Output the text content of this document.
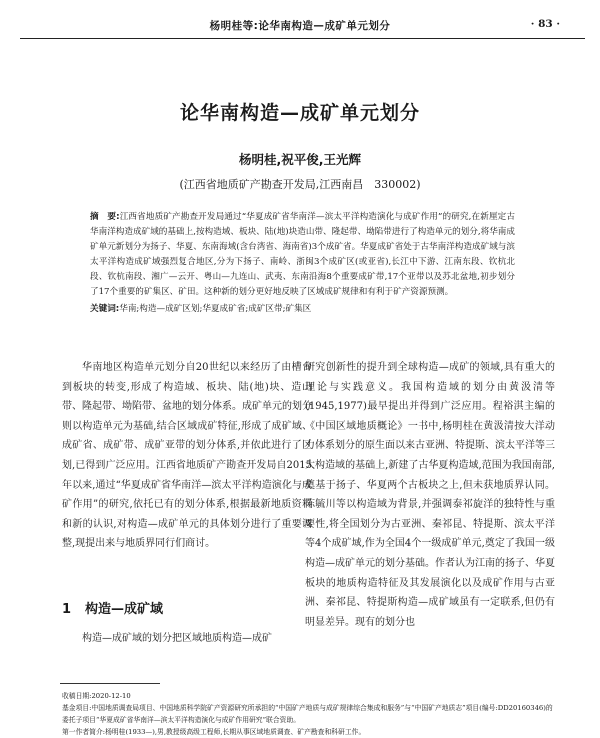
杨明桂等:论华南构造—成矿单元划分	· 83 ·
论华南构造—成矿单元划分
杨明桂,祝平俊,王光辉
(江西省地质矿产勘查开发局,江西南昌　330002)
摘　要:江西省地质矿产勘查开发局通过“华夏成矿省华南洋—滨太平洋构造演化与成矿作用”的研究,在新厘定古华南洋构造成矿域的基础上,按构造域、板块、陆(地)块造山带、隆起带、坳陷带进行了构造单元的划分,将华南成矿单元新划分为扬子、华夏、东南海域(含台湾省、海南省)3个成矿省。华夏成矿省处于古华南洋构造成矿域与滨太平洋构造成矿域强烈复合地区,分为下扬子、南岭、浙闽3个成矿区(或亚省),长江中下游、江南东段、钦杭北段、钦杭南段、湘广—云开、粤山—九连山、武夷、东南沿海8个重要成矿带,17个亚带以及苏北盆地,初步划分了17个重要的矿集区、矿田。这种新的划分更好地反映了区域成矿规律和有利于矿产资源预测。
关键词:华南;构造—成矿区划;华夏成矿省;成矿区带;矿集区
华南地区构造单元划分自20世纪以来经历了由槽台到板块的转变,形成了构造域、板块、陆(地)块、造山带、隆起带、坳陷带、盆地的划分体系。成矿单元的划分则以构造单元为基础,结合区域成矿特征,形成了成矿域、成矿省、成矿带、成矿亚带的划分体系,并依此进行了区划,已得到广泛应用。江西省地质矿产勘查开发局自2015年以来,通过“华夏成矿省华南洋—滨太平洋构造演化与成矿作用”的研究,依托已有的划分体系,根据最新地质资料和新的认识,对构造—成矿单元的具体划分进行了重要调整,现提出来与地质界同行们商讨。
1 构造—成矿域
构造—成矿域的划分把区域地质构造—成矿
研究创新性的提升到全球构造—成矿的领域,具有重大的理论与实践意义。我国构造域的划分由黄汲清等(1945,1977)最早提出并得到广泛应用。程裕淇主编的《中国区域地质概论》一书中,杨明桂在黄汲清按大洋动力体系划分的原生面以来古亚洲、特提斯、滨太平洋等三大构造域的基础上,新建了古华夏构造域,范围为我国南部,奠基于扬子、华夏两个古板块之上,但未获地质界认同。陈毓川等以构造域为背景,并强调泰祁旋洋的独特性与重要性,将全国划分为古亚洲、秦祁昆、特提斯、滨太平洋等4个成矿域,作为全国4个一级成矿单元,奠定了我国一级构造—成矿单元的划分基础。作者认为江南的扬子、华夏板块的地质构造特征及其发展演化以及成矿作用与古亚洲、秦祁昆、特提斯构造—成矿域虽有一定联系,但仍有明显差异。现有的划分也
收稿日期:2020-12-10
基金项目:中国地质调查局项目、中国地质科学院矿产资源研究所承担的“中国矿产地质与成矿规律综合集成和服务”与“中国矿产地质志”项目(编号:DD20160346)的委托子项目“华夏成矿省华南洋—滨太平洋构造演化与成矿作用研究”联合资助。
第一作者简介:杨明桂(1933—),男,教授级高级工程师,长期从事区域地质调查、矿产勘查和科研工作。
